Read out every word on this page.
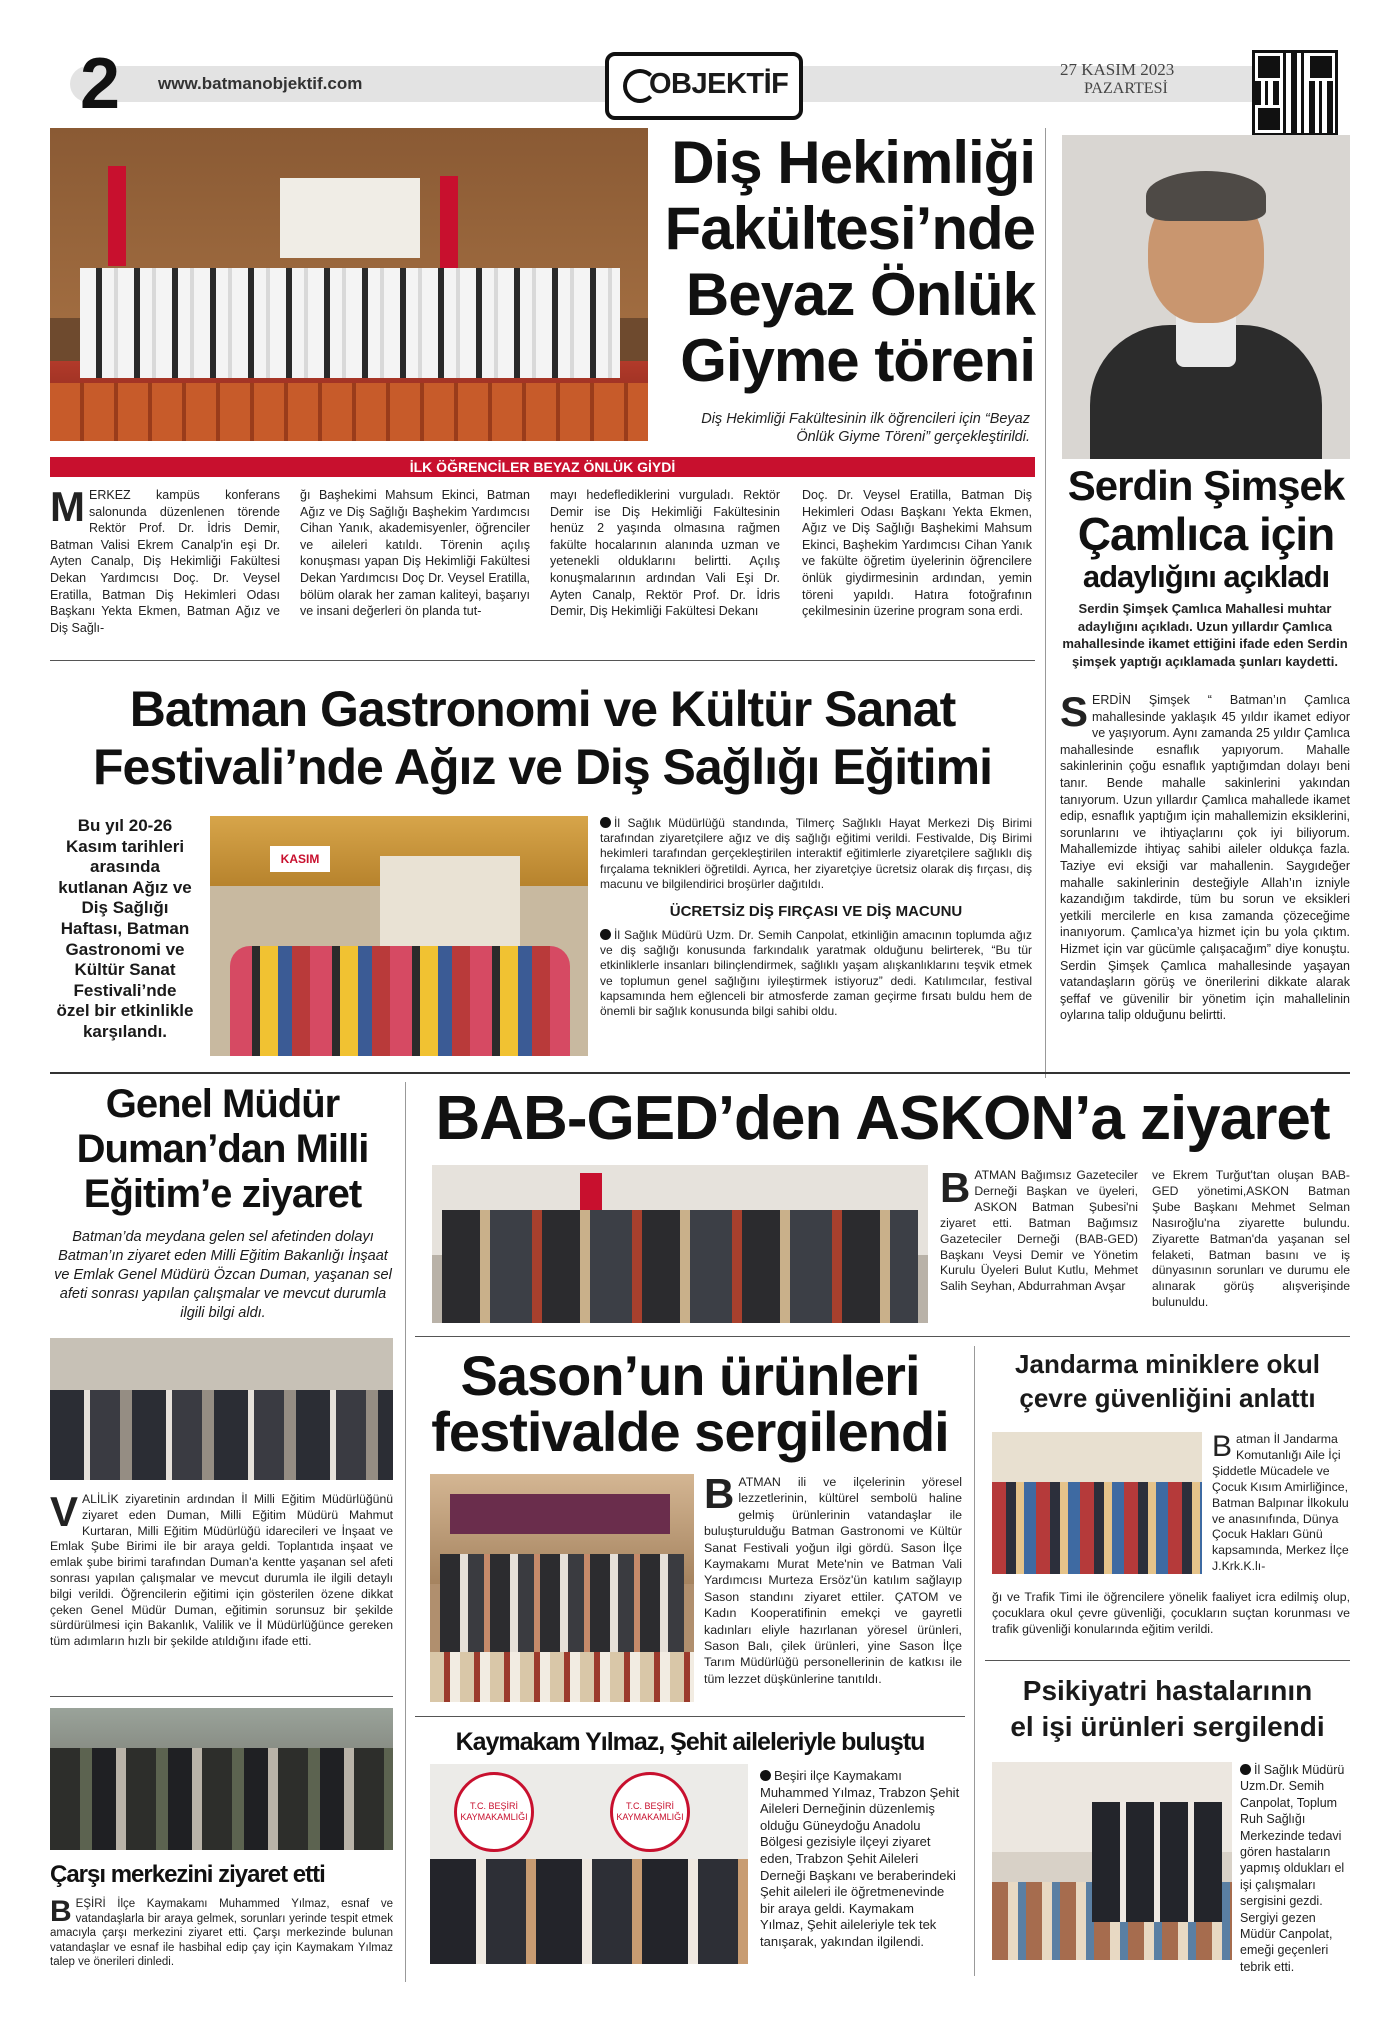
2 www.batmanobjektif.com	OBJEKTİF	27 KASIM 2023
PAZARTESİ
Diş Hekimliği Fakültesi’nde Beyaz Önlük Giyme töreni
Diş Hekimliği Fakültesinin ilk öğrencileri için “Beyaz Önlük Giyme Töreni” gerçekleştirildi.
İLK ÖĞRENCİLER BEYAZ ÖNLÜK GİYDİ

MERKEZ kampüs konferans salonunda düzenlenen törende Rektör Prof. Dr. İdris Demir, Batman Valisi Ekrem Canalp'in eşi Dr. Ayten Canalp, Diş Hekimliği Fakültesi Dekan Yardımcısı Doç. Dr. Veysel Eratilla, Batman Diş Hekimleri Odası Başkanı Yekta Ekmen, Batman Ağız ve Diş Sağlı-

ğı Başhekimi Mahsum Ekinci, Batman Ağız ve Diş Sağlığı Başhekim Yardımcısı Cihan Yanık, akademisyenler, öğrenciler ve aileleri katıldı. Törenin açılış konuşması yapan Diş Hekimliği Fakültesi Dekan Yardımcısı Doç Dr. Veysel Eratilla, bölüm olarak her zaman kaliteyi, başarıyı ve insani değerleri ön planda tut-

mayı hedeflediklerini vurguladı. Rektör Demir ise Diş Hekimliği Fakültesinin henüz 2 yaşında olmasına rağmen fakülte hocalarının alanında uzman ve yetenekli olduklarını belirtti. Açılış konuşmalarının ardından Vali Eşi Dr. Ayten Canalp, Rektör Prof. Dr. İdris Demir, Diş Hekimliği Fakültesi Dekanı

Doç. Dr. Veysel Eratilla, Batman Diş Hekimleri Odası Başkanı Yekta Ekmen, Ağız ve Diş Sağlığı Başhekimi Mahsum Ekinci, Başhekim Yardımcısı Cihan Yanık ve fakülte öğretim üyelerinin öğrencilere önlük giydirmesinin ardından, yemin töreni yapıldı. Hatıra fotoğrafının çekilmesinin üzerine program sona erdi.

Serdin Şimşek
Çamlıca için
adaylığını açıkladı
Serdin Şimşek Çamlıca Mahallesi muhtar adaylığını açıkladı. Uzun yıllardır Çamlıca mahallesinde ikamet ettiğini ifade eden Serdin şimşek yaptığı açıklamada şunları kaydetti.

SERDİN Şimşek “ Batman’ın Çamlıca mahallesinde yaklaşık 45 yıldır ikamet ediyor ve yaşıyorum. Aynı zamanda 25 yıldır Çamlıca mahallesinde esnaflık yapıyorum. Mahalle sakinlerinin çoğu esnaflık yaptığımdan dolayı beni tanır. Bende mahalle sakinlerini yakından tanıyorum. Uzun yıllardır Çamlıca mahallede ikamet edip, esnaflık yaptığım için mahallemizin eksiklerini, sorunlarını ve ihtiyaçlarını çok iyi biliyorum. Mahallemizde ihtiyaç sahibi aileler oldukça fazla. Taziye evi eksiği var mahallenin. Saygıdeğer mahalle sakinlerinin desteğiyle Allah’ın izniyle kazandığım takdirde, tüm bu sorun ve eksikleri yetkili mercilerle en kısa zamanda çözeceğime inanıyorum. Çamlıca’ya hizmet için bu yola çıktım. Hizmet için var gücümle çalışacağım” diye konuştu. Serdin Şimşek Çamlıca mahallesinde yaşayan vatandaşların görüş ve önerilerini dikkate alarak şeffaf ve güvenilir bir yönetim için mahallelinin oylarına talip olduğunu belirtti.

Batman Gastronomi ve Kültür Sanat
Festivali’nde Ağız ve Diş Sağlığı Eğitimi
Bu yıl 20-26 Kasım tarihleri arasında kutlanan Ağız ve Diş Sağlığı Haftası, Batman Gastronomi ve Kültür Sanat Festivali’nde özel bir etkinlikle karşılandı.
KASIM

İl Sağlık Müdürlüğü standında, Tilmerç Sağlıklı Hayat Merkezi Diş Birimi tarafından ziyaretçilere ağız ve diş sağlığı eğitimi verildi. Festivalde, Diş Birimi hekimleri tarafından gerçekleştirilen interaktif eğitimlerle ziyaretçilere sağlıklı diş fırçalama teknikleri öğretildi. Ayrıca, her ziyaretçiye ücretsiz olarak diş fırçası, diş macunu ve bilgilendirici broşürler dağıtıldı.

ÜCRETSİZ DİŞ FIRÇASI VE DİŞ MACUNU

İl Sağlık Müdürü Uzm. Dr. Semih Canpolat, etkinliğin amacının toplumda ağız ve diş sağlığı konusunda farkındalık yaratmak olduğunu belirterek, “Bu tür etkinliklerle insanları bilinçlendirmek, sağlıklı yaşam alışkanlıklarını teşvik etmek ve toplumun genel sağlığını iyileştirmek istiyoruz” dedi. Katılımcılar, festival kapsamında hem eğlenceli bir atmosferde zaman geçirme fırsatı buldu hem de önemli bir sağlık konusunda bilgi sahibi oldu.

Genel Müdür
Duman’dan Milli
Eğitim’e ziyaret
Batman’da meydana gelen sel afetinden dolayı Batman’ın ziyaret eden Milli Eğitim Bakanlığı İnşaat ve Emlak Genel Müdürü Özcan Duman, yaşanan sel afeti sonrası yapılan çalışmalar ve mevcut durumla ilgili bilgi aldı.

VALİLİK ziyaretinin ardından İl Milli Eğitim Müdürlüğünü ziyaret eden Duman, Milli Eğitim Müdürü Mahmut Kurtaran, Milli Eğitim Müdürlüğü idarecileri ve İnşaat ve Emlak Şube Birimi ile bir araya geldi. Toplantıda inşaat ve emlak şube birimi tarafından Duman'a kentte yaşanan sel afeti sonrası yapılan çalışmalar ve mevcut durumla ile ilgili detaylı bilgi verildi. Öğrencilerin eğitimi için gösterilen özene dikkat çeken Genel Müdür Duman, eğitimin sorunsuz bir şekilde sürdürülmesi için Bakanlık, Valilik ve İl Müdürlüğünce gereken tüm adımların hızlı bir şekilde atıldığını ifade etti.

Çarşı merkezini ziyaret etti

BEŞİRİ İlçe Kaymakamı Muhammed Yılmaz, esnaf ve vatandaşlarla bir araya gelmek, sorunları yerinde tespit etmek amacıyla çarşı merkezini ziyaret etti. Çarşı merkezinde bulunan vatandaşlar ve esnaf ile hasbihal edip çay için Kaymakam Yılmaz talep ve önerileri dinledi.

BAB-GED’den ASKON’a ziyaret

BATMAN Bağımsız Gazeteciler Derneği Başkan ve üyeleri, ASKON Batman Şubesi'ni ziyaret etti. Batman Bağımsız Gazeteciler Derneği (BAB-GED) Başkanı Veysi Demir ve Yönetim Kurulu Üyeleri Bulut Kutlu, Mehmet Salih Seyhan, Abdurrahman Avşar

ve Ekrem Turğut'tan oluşan BAB-GED yönetimi,ASKON Batman Şube Başkanı Mehmet Selman Nasıroğlu'na ziyarette bulundu. Ziyarette Batman'da yaşanan sel felaketi, Batman basını ve iş dünyasının sorunları ve durumu ele alınarak görüş alışverişinde bulunuldu.

Sason’un ürünleri
festivalde sergilendi

BATMAN ili ve ilçelerinin yöresel lezzetlerinin, kültürel sembolü haline gelmiş ürünlerinin vatandaşlar ile buluşturulduğu Batman Gastronomi ve Kültür Sanat Festivali yoğun ilgi gördü. Sason İlçe Kaymakamı Murat Mete'nin ve Batman Vali Yardımcısı Murteza Ersöz'ün katılım sağlayıp Sason standını ziyaret ettiler. ÇATOM ve Kadın Kooperatifinin emekçi ve gayretli kadınları eliyle hazırlanan yöresel ürünleri, Sason Balı, çilek ürünleri, yine Sason İlçe Tarım Müdürlüğü personellerinin de katkısı ile tüm lezzet düşkünlerine tanıtıldı.

Kaymakam Yılmaz, Şehit aileleriyle buluştu
T.C. BEŞİRİ KAYMAKAMLIĞI
T.C. BEŞİRİ KAYMAKAMLIĞI

Beşiri ilçe Kaymakamı Muhammed Yılmaz, Trabzon Şehit Aileleri Derneğinin düzenlemiş olduğu Güneydoğu Anadolu Bölgesi gezisiyle ilçeyi ziyaret eden, Trabzon Şehit Aileleri Derneği Başkanı ve beraberindeki Şehit aileleri ile öğretmenevinde bir araya geldi. Kaymakam Yılmaz, Şehit aileleriyle tek tek tanışarak, yakından ilgilendi.

Jandarma miniklere okul
çevre güvenliğini anlattı

Batman İl Jandarma Komutanlığı Aile İçi Şiddetle Mücadele ve Çocuk Kısım Amirliğince, Batman Balpınar İlkokulu ve anasınıfında, Dünya Çocuk Hakları Günü kapsamında, Merkez İlçe J.Krk.K.lı-

ğı ve Trafik Timi ile öğrencilere yönelik faaliyet icra edilmiş olup, çocuklara okul çevre güvenliği, çocukların suçtan korunması ve trafik güvenliği konularında eğitim verildi.

Psikiyatri hastalarının
el işi ürünleri sergilendi

İl Sağlık Müdürü Uzm.Dr. Semih Canpolat, Toplum Ruh Sağlığı Merkezinde tedavi gören hastaların yapmış oldukları el işi çalışmaları sergisini gezdi. Sergiyi gezen Müdür Canpolat, emeği geçenleri tebrik etti.
